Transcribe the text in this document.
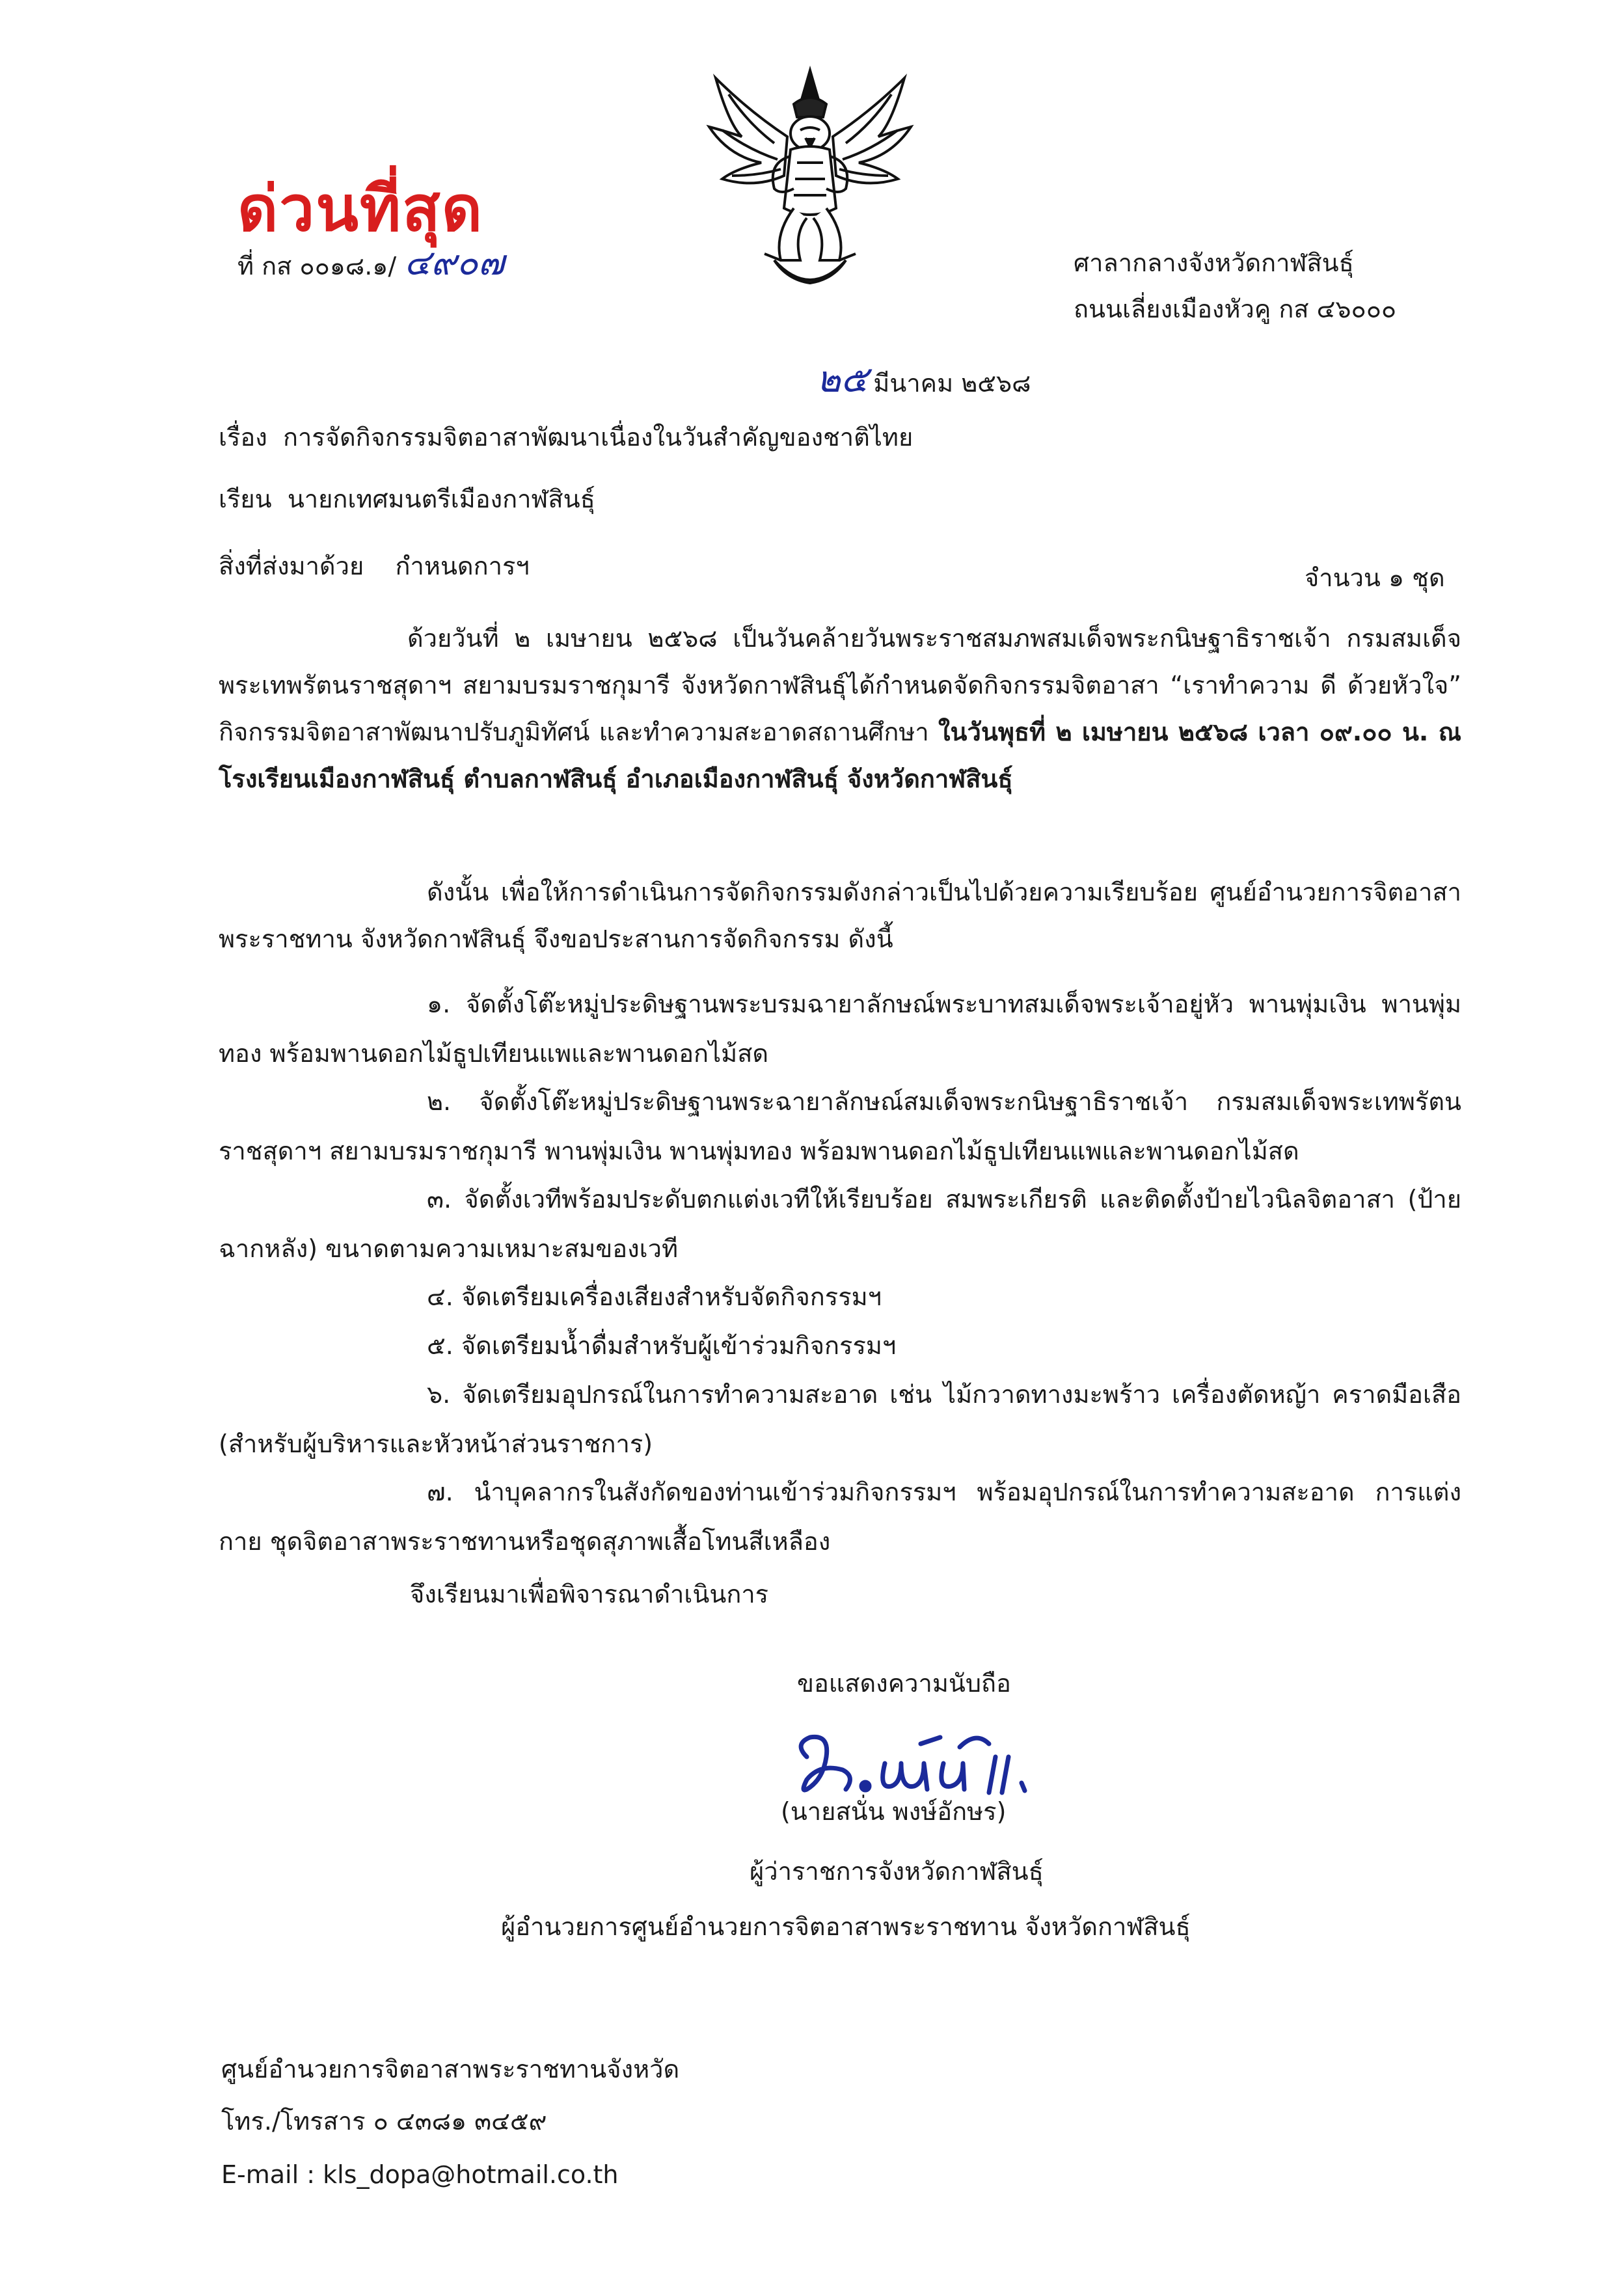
ด่วนที่สุด
ที่ กส ๐๐๑๘.๑/ ๔๙๐๗	ศาลากลางจังหวัดกาฬสินธุ์
ถนนเลี่ยงเมืองหัวคู กส ๔๖๐๐๐
๒๕ มีนาคม ๒๕๖๘
เรื่อง การจัดกิจกรรมจิตอาสาพัฒนาเนื่องในวันสำคัญของชาติไทย
เรียน นายกเทศมนตรีเมืองกาฬสินธุ์
สิ่งที่ส่งมาด้วย กำหนดการฯ	จำนวน ๑ ชุด
ด้วยวันที่ ๒ เมษายน ๒๕๖๘ เป็นวันคล้ายวันพระราชสมภพสมเด็จพระกนิษฐาธิราชเจ้า กรมสมเด็จพระเทพรัตนราชสุดาฯ สยามบรมราชกุมารี จังหวัดกาฬสินธุ์ได้กำหนดจัดกิจกรรมจิตอาสา “เราทำความ ดี ด้วยหัวใจ” กิจกรรมจิตอาสาพัฒนาปรับภูมิทัศน์ และทำความสะอาดสถานศึกษา ในวันพุธที่ ๒ เมษายน ๒๕๖๘ เวลา ๐๙.๐๐ น. ณ โรงเรียนเมืองกาฬสินธุ์ ตำบลกาฬสินธุ์ อำเภอเมืองกาฬสินธุ์ จังหวัดกาฬสินธุ์
ดังนั้น เพื่อให้การดำเนินการจัดกิจกรรมดังกล่าวเป็นไปด้วยความเรียบร้อย ศูนย์อำนวยการจิตอาสาพระราชทาน จังหวัดกาฬสินธุ์ จึงขอประสานการจัดกิจกรรม ดังนี้
๑. จัดตั้งโต๊ะหมู่ประดิษฐานพระบรมฉายาลักษณ์พระบาทสมเด็จพระเจ้าอยู่หัว พานพุ่มเงิน พานพุ่มทอง พร้อมพานดอกไม้ธูปเทียนแพและพานดอกไม้สด
๒. จัดตั้งโต๊ะหมู่ประดิษฐานพระฉายาลักษณ์สมเด็จพระกนิษฐาธิราชเจ้า กรมสมเด็จพระเทพรัตนราชสุดาฯ สยามบรมราชกุมารี พานพุ่มเงิน พานพุ่มทอง พร้อมพานดอกไม้ธูปเทียนแพและพานดอกไม้สด
๓. จัดตั้งเวทีพร้อมประดับตกแต่งเวทีให้เรียบร้อย สมพระเกียรติ และติดตั้งป้ายไวนิลจิตอาสา (ป้ายฉากหลัง) ขนาดตามความเหมาะสมของเวที
๔. จัดเตรียมเครื่องเสียงสำหรับจัดกิจกรรมฯ
๕. จัดเตรียมน้ำดื่มสำหรับผู้เข้าร่วมกิจกรรมฯ
๖. จัดเตรียมอุปกรณ์ในการทำความสะอาด เช่น ไม้กวาดทางมะพร้าว เครื่องตัดหญ้า คราดมือเสือ (สำหรับผู้บริหารและหัวหน้าส่วนราชการ)
๗. นำบุคลากรในสังกัดของท่านเข้าร่วมกิจกรรมฯ พร้อมอุปกรณ์ในการทำความสะอาด การแต่งกาย ชุดจิตอาสาพระราชทานหรือชุดสุภาพเสื้อโทนสีเหลือง
จึงเรียนมาเพื่อพิจารณาดำเนินการ
ขอแสดงความนับถือ
(นายสนั่น พงษ์อักษร)
ผู้ว่าราชการจังหวัดกาฬสินธุ์
ผู้อำนวยการศูนย์อำนวยการจิตอาสาพระราชทาน จังหวัดกาฬสินธุ์
ศูนย์อำนวยการจิตอาสาพระราชทานจังหวัด
โทร./โทรสาร ๐ ๔๓๘๑ ๓๔๕๙
E-mail : kls_dopa@hotmail.co.th
